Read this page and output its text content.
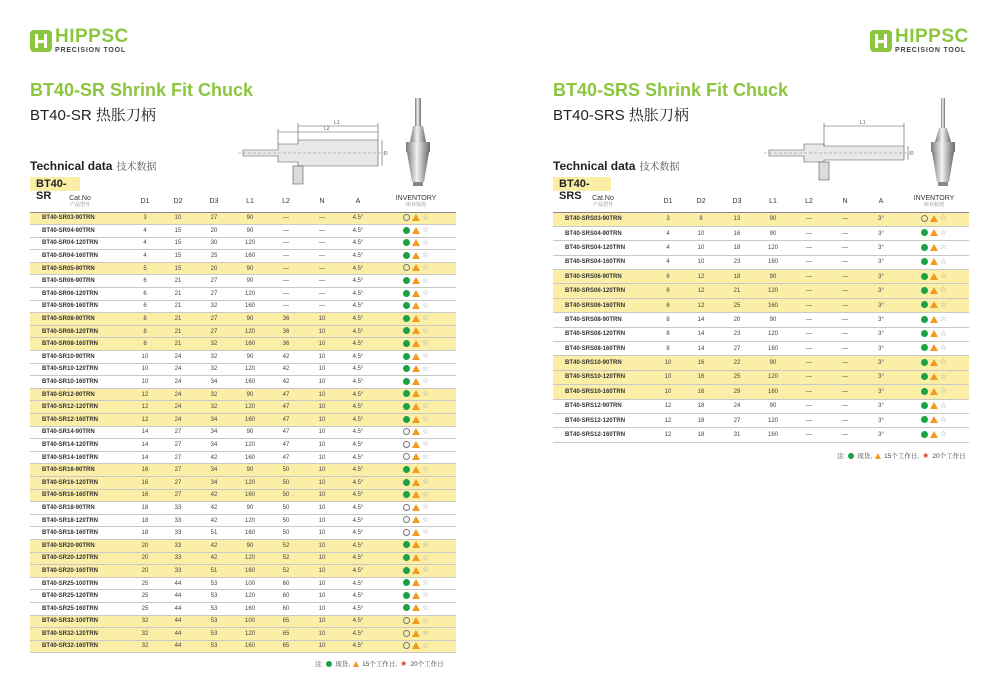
HIPPSC
PRECISION TOOL
BT40-SR Shrink Fit Chuck
BT40-SR 热胀刀柄	L1
L2
D
Technical data 技术数据
BT40-SR	Cat.No
产品型号	D1	D2	D3	L1	L2	N	A	INVENTORY
库存状况

BT40-SR03-90TRN	3	10	27	90	—	—	4.5°	☆

BT40-SR04-90TRN	4	15	20	90	—	—	4.5°	☆

BT40-SR04-120TRN	4	15	30	120	—	—	4.5°	☆

BT40-SR04-160TRN	4	15	25	160	—	—	4.5°	☆

BT40-SR05-90TRN	5	15	20	90	—	—	4.5°	☆

BT40-SR06-90TRN	6	21	27	90	—	—	4.5°	☆

BT40-SR06-120TRN	6	21	27	120	—	—	4.5°	☆

BT40-SR06-160TRN	6	21	32	160	—	—	4.5°	☆

BT40-SR08-90TRN	8	21	27	90	36	10	4.5°	☆

BT40-SR08-120TRN	8	21	27	120	36	10	4.5°	☆

BT40-SR08-160TRN	8	21	32	160	36	10	4.5°	☆

BT40-SR10-90TRN	10	24	32	90	42	10	4.5°	☆

BT40-SR10-120TRN	10	24	32	120	42	10	4.5°	☆

BT40-SR10-160TRN	10	24	34	160	42	10	4.5°	☆

BT40-SR12-90TRN	12	24	32	90	47	10	4.5°	☆

BT40-SR12-120TRN	12	24	32	120	47	10	4.5°	☆

BT40-SR12-160TRN	12	24	34	160	47	10	4.5°	☆

BT40-SR14-90TRN	14	27	34	90	47	10	4.5°	☆

BT40-SR14-120TRN	14	27	34	120	47	10	4.5°	☆

BT40-SR14-160TRN	14	27	42	160	47	10	4.5°	☆

BT40-SR16-90TRN	16	27	34	90	50	10	4.5°	☆

BT40-SR16-120TRN	16	27	34	120	50	10	4.5°	☆

BT40-SR16-160TRN	16	27	42	160	50	10	4.5°	☆

BT40-SR18-90TRN	18	33	42	90	50	10	4.5°	☆

BT40-SR18-120TRN	18	33	42	120	50	10	4.5°	☆

BT40-SR18-160TRN	18	33	51	160	50	10	4.5°	☆

BT40-SR20-90TRN	20	33	42	90	52	10	4.5°	☆

BT40-SR20-120TRN	20	33	42	120	52	10	4.5°	☆

BT40-SR20-160TRN	20	33	51	160	52	10	4.5°	☆

BT40-SR25-100TRN	25	44	53	100	60	10	4.5°	☆

BT40-SR25-120TRN	25	44	53	120	60	10	4.5°	☆

BT40-SR25-160TRN	25	44	53	160	60	10	4.5°	☆

BT40-SR32-100TRN	32	44	53	100	65	10	4.5°	☆

BT40-SR32-120TRN	32	44	53	120	65	10	4.5°	☆

BT40-SR32-160TRN	32	44	53	160	65	10	4.5°	☆
注: 现货, 15个工作日, ★ 20个工作日
HIPPSC
PRECISION TOOL
BT40-SRS Shrink Fit Chuck
BT40-SRS 热胀刀柄	L1
D
Technical data 技术数据
BT40-SRS	Cat.No
产品型号	D1	D2	D3	L1	L2	N	A	INVENTORY
库存状况

BT40-SRS03-90TRN	3	8	13	90	—	—	3°	☆

BT40-SRS04-90TRN	4	10	16	90	—	—	3°	☆

BT40-SRS04-120TRN	4	10	18	120	—	—	3°	☆

BT40-SRS04-160TRN	4	10	23	160	—	—	3°	☆

BT40-SRS06-90TRN	6	12	18	90	—	—	3°	☆

BT40-SRS06-120TRN	6	12	21	120	—	—	3°	☆

BT40-SRS06-160TRN	6	12	25	160	—	—	3°	☆

BT40-SRS08-90TRN	8	14	20	90	—	—	3°	☆

BT40-SRS08-120TRN	8	14	23	120	—	—	3°	☆

BT40-SRS08-160TRN	8	14	27	160	—	—	3°	☆

BT40-SRS10-90TRN	10	16	22	90	—	—	3°	☆

BT40-SRS10-120TRN	10	16	25	120	—	—	3°	☆

BT40-SRS10-160TRN	10	16	29	160	—	—	3°	☆

BT40-SRS12-90TRN	12	18	24	90	—	—	3°	☆

BT40-SRS12-120TRN	12	18	27	120	—	—	3°	☆

BT40-SRS12-160TRN	12	18	31	160	—	—	3°	☆
注: 现货, 15个工作日, ★ 20个工作日
